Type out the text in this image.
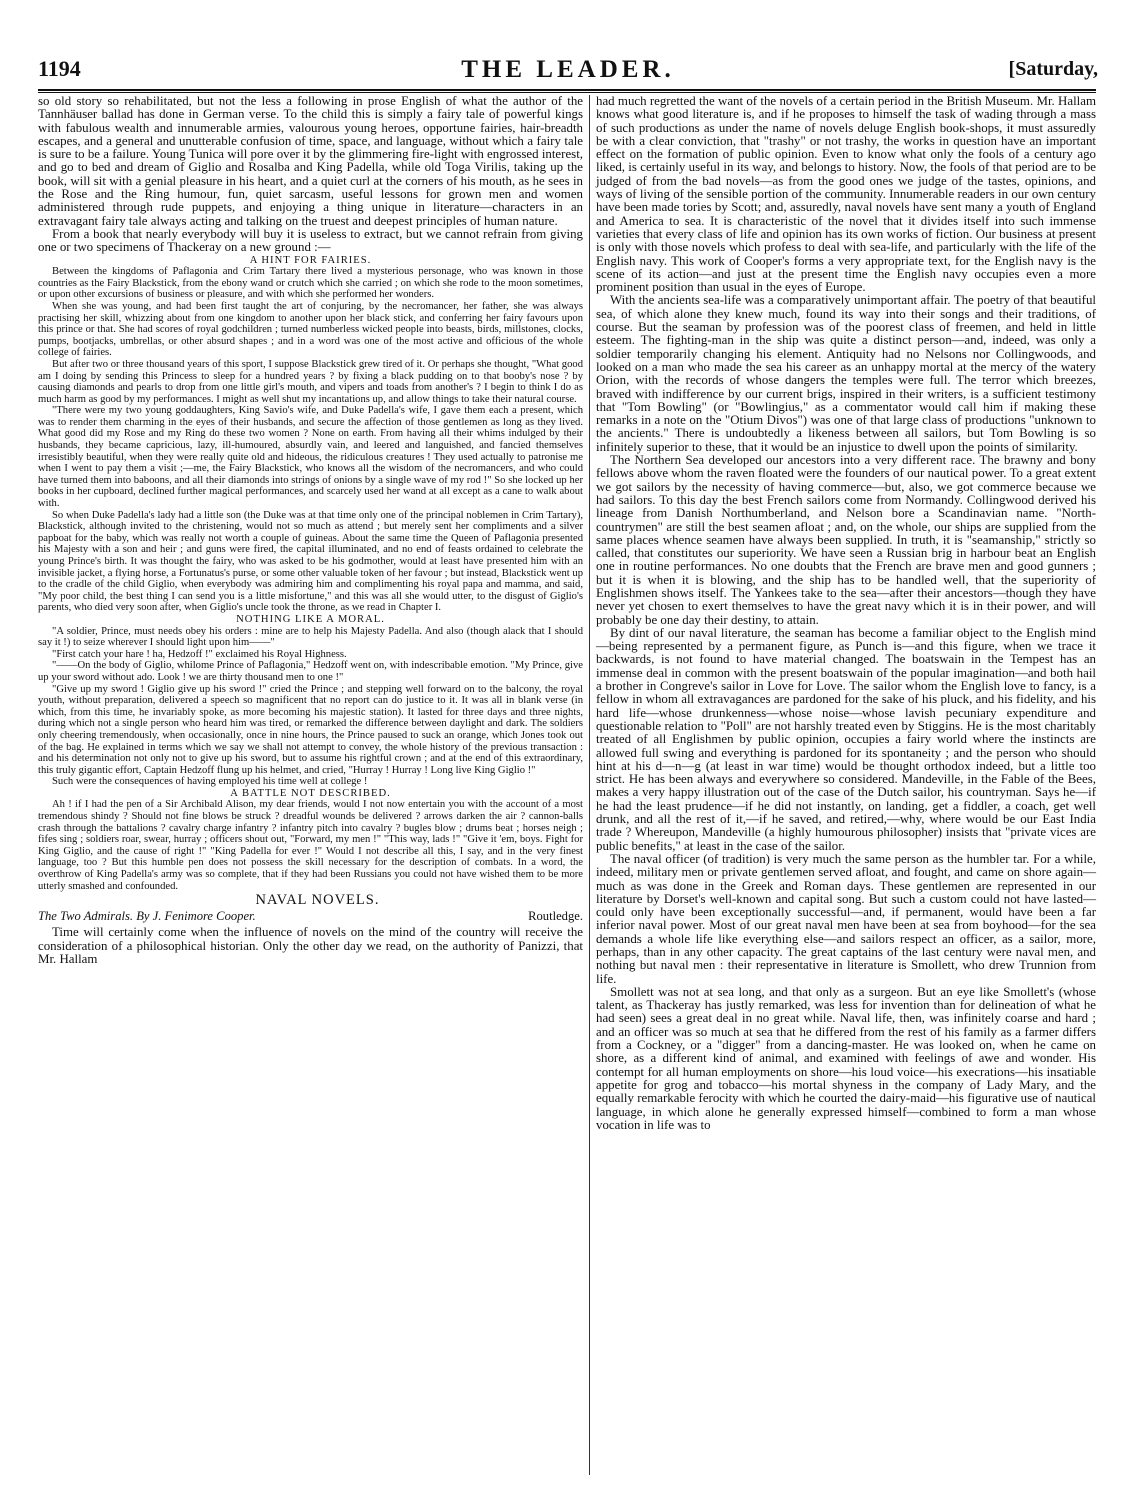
1194	THE LEADER.	[Saturday,

so old story so rehabilitated, but not the less a following in prose English of what the author of the Tannhäuser ballad has done in German verse. To the child this is simply a fairy tale of powerful kings with fabulous wealth and innumerable armies, valourous young heroes, opportune fairies, hair-breadth escapes, and a general and unutterable confusion of time, space, and language, without which a fairy tale is sure to be a failure. Young Tunica will pore over it by the glimmering fire-light with engrossed interest, and go to bed and dream of Giglio and Rosalba and King Padella, while old Toga Virilis, taking up the book, will sit with a genial pleasure in his heart, and a quiet curl at the corners of his mouth, as he sees in the Rose and the Ring humour, fun, quiet sarcasm, useful lessons for grown men and women administered through rude puppets, and enjoying a thing unique in literature—characters in an extravagant fairy tale always acting and talking on the truest and deepest principles of human nature.

From a book that nearly everybody will buy it is useless to extract, but we cannot refrain from giving one or two specimens of Thackeray on a new ground :—

A HINT FOR FAIRIES.

Between the kingdoms of Paflagonia and Crim Tartary there lived a mysterious personage, who was known in those countries as the Fairy Blackstick, from the ebony wand or crutch which she carried ; on which she rode to the moon sometimes, or upon other excursions of business or pleasure, and with which she performed her wonders.

When she was young, and had been first taught the art of conjuring, by the necromancer, her father, she was always practising her skill, whizzing about from one kingdom to another upon her black stick, and conferring her fairy favours upon this prince or that. She had scores of royal godchildren ; turned numberless wicked people into beasts, birds, millstones, clocks, pumps, bootjacks, umbrellas, or other absurd shapes ; and in a word was one of the most active and officious of the whole college of fairies.

But after two or three thousand years of this sport, I suppose Blackstick grew tired of it. Or perhaps she thought, "What good am I doing by sending this Princess to sleep for a hundred years ? by fixing a black pudding on to that booby's nose ? by causing diamonds and pearls to drop from one little girl's mouth, and vipers and toads from another's ? I begin to think I do as much harm as good by my performances. I might as well shut my incantations up, and allow things to take their natural course.

"There were my two young goddaughters, King Savio's wife, and Duke Padella's wife, I gave them each a present, which was to render them charming in the eyes of their husbands, and secure the affection of those gentlemen as long as they lived. What good did my Rose and my Ring do these two women ? None on earth. From having all their whims indulged by their husbands, they became capricious, lazy, ill-humoured, absurdly vain, and leered and languished, and fancied themselves irresistibly beautiful, when they were really quite old and hideous, the ridiculous creatures ! They used actually to patronise me when I went to pay them a visit ;—me, the Fairy Blackstick, who knows all the wisdom of the necromancers, and who could have turned them into baboons, and all their diamonds into strings of onions by a single wave of my rod !" So she locked up her books in her cupboard, declined further magical performances, and scarcely used her wand at all except as a cane to walk about with.

So when Duke Padella's lady had a little son (the Duke was at that time only one of the principal noblemen in Crim Tartary), Blackstick, although invited to the christening, would not so much as attend ; but merely sent her compliments and a silver papboat for the baby, which was really not worth a couple of guineas. About the same time the Queen of Paflagonia presented his Majesty with a son and heir ; and guns were fired, the capital illuminated, and no end of feasts ordained to celebrate the young Prince's birth. It was thought the fairy, who was asked to be his godmother, would at least have presented him with an invisible jacket, a flying horse, a Fortunatus's purse, or some other valuable token of her favour ; but instead, Blackstick went up to the cradle of the child Giglio, when everybody was admiring him and complimenting his royal papa and mamma, and said, "My poor child, the best thing I can send you is a little misfortune," and this was all she would utter, to the disgust of Giglio's parents, who died very soon after, when Giglio's uncle took the throne, as we read in Chapter I.

NOTHING LIKE A MORAL.

"A soldier, Prince, must needs obey his orders : mine are to help his Majesty Padella. And also (though alack that I should say it !) to seize wherever I should light upon him——"

"First catch your hare ! ha, Hedzoff !" exclaimed his Royal Highness.

"——On the body of Giglio, whilome Prince of Paflagonia," Hedzoff went on, with indescribable emotion. "My Prince, give up your sword without ado. Look ! we are thirty thousand men to one !"

"Give up my sword ! Giglio give up his sword !" cried the Prince ; and stepping well forward on to the balcony, the royal youth, without preparation, delivered a speech so magnificent that no report can do justice to it. It was all in blank verse (in which, from this time, he invariably spoke, as more becoming his majestic station). It lasted for three days and three nights, during which not a single person who heard him was tired, or remarked the difference between daylight and dark. The soldiers only cheering tremendously, when occasionally, once in nine hours, the Prince paused to suck an orange, which Jones took out of the bag. He explained in terms which we say we shall not attempt to convey, the whole history of the previous transaction : and his determination not only not to give up his sword, but to assume his rightful crown ; and at the end of this extraordinary, this truly gigantic effort, Captain Hedzoff flung up his helmet, and cried, "Hurray ! Hurray ! Long live King Giglio !"

Such were the consequences of having employed his time well at college !

A BATTLE NOT DESCRIBED.

Ah ! if I had the pen of a Sir Archibald Alison, my dear friends, would I not now entertain you with the account of a most tremendous shindy ? Should not fine blows be struck ? dreadful wounds be delivered ? arrows darken the air ? cannon-balls crash through the battalions ? cavalry charge infantry ? infantry pitch into cavalry ? bugles blow ; drums beat ; horses neigh ; fifes sing ; soldiers roar, swear, hurray ; officers shout out, "Forward, my men !" "This way, lads !" "Give it 'em, boys. Fight for King Giglio, and the cause of right !" "King Padella for ever !" Would I not describe all this, I say, and in the very finest language, too ? But this humble pen does not possess the skill necessary for the description of combats. In a word, the overthrow of King Padella's army was so complete, that if they had been Russians you could not have wished them to be more utterly smashed and confounded.

NAVAL NOVELS.

The Two Admirals. By J. Fenimore Cooper.	Routledge.

Time will certainly come when the influence of novels on the mind of the country will receive the consideration of a philosophical historian. Only the other day we read, on the authority of Panizzi, that Mr. Hallam

had much regretted the want of the novels of a certain period in the British Museum. Mr. Hallam knows what good literature is, and if he proposes to himself the task of wading through a mass of such productions as under the name of novels deluge English book-shops, it must assuredly be with a clear conviction, that "trashy" or not trashy, the works in question have an important effect on the formation of public opinion. Even to know what only the fools of a century ago liked, is certainly useful in its way, and belongs to history. Now, the fools of that period are to be judged of from the bad novels—as from the good ones we judge of the tastes, opinions, and ways of living of the sensible portion of the community. Innumerable readers in our own century have been made tories by Scott; and, assuredly, naval novels have sent many a youth of England and America to sea. It is characteristic of the novel that it divides itself into such immense varieties that every class of life and opinion has its own works of fiction. Our business at present is only with those novels which profess to deal with sea-life, and particularly with the life of the English navy. This work of Cooper's forms a very appropriate text, for the English navy is the scene of its action—and just at the present time the English navy occupies even a more prominent position than usual in the eyes of Europe.

With the ancients sea-life was a comparatively unimportant affair. The poetry of that beautiful sea, of which alone they knew much, found its way into their songs and their traditions, of course. But the seaman by profession was of the poorest class of freemen, and held in little esteem. The fighting-man in the ship was quite a distinct person—and, indeed, was only a soldier temporarily changing his element. Antiquity had no Nelsons nor Collingwoods, and looked on a man who made the sea his career as an unhappy mortal at the mercy of the watery Orion, with the records of whose dangers the temples were full. The terror which breezes, braved with indifference by our current brigs, inspired in their writers, is a sufficient testimony that "Tom Bowling" (or "Bowlingius," as a commentator would call him if making these remarks in a note on the "Otium Divos") was one of that large class of productions "unknown to the ancients." There is undoubtedly a likeness between all sailors, but Tom Bowling is so infinitely superior to these, that it would be an injustice to dwell upon the points of similarity.

The Northern Sea developed our ancestors into a very different race. The brawny and bony fellows above whom the raven floated were the founders of our nautical power. To a great extent we got sailors by the necessity of having commerce—but, also, we got commerce because we had sailors. To this day the best French sailors come from Normandy. Collingwood derived his lineage from Danish Northumberland, and Nelson bore a Scandinavian name. "North-countrymen" are still the best seamen afloat ; and, on the whole, our ships are supplied from the same places whence seamen have always been supplied. In truth, it is "seamanship," strictly so called, that constitutes our superiority. We have seen a Russian brig in harbour beat an English one in routine performances. No one doubts that the French are brave men and good gunners ; but it is when it is blowing, and the ship has to be handled well, that the superiority of Englishmen shows itself. The Yankees take to the sea—after their ancestors—though they have never yet chosen to exert themselves to have the great navy which it is in their power, and will probably be one day their destiny, to attain.

By dint of our naval literature, the seaman has become a familiar object to the English mind—being represented by a permanent figure, as Punch is—and this figure, when we trace it backwards, is not found to have material changed. The boatswain in the Tempest has an immense deal in common with the present boatswain of the popular imagination—and both hail a brother in Congreve's sailor in Love for Love. The sailor whom the English love to fancy, is a fellow in whom all extravagances are pardoned for the sake of his pluck, and his fidelity, and his hard life—whose drunkenness—whose noise—whose lavish pecuniary expenditure and questionable relation to "Poll" are not harshly treated even by Stiggins. He is the most charitably treated of all Englishmen by public opinion, occupies a fairy world where the instincts are allowed full swing and everything is pardoned for its spontaneity ; and the person who should hint at his d—n—g (at least in war time) would be thought orthodox indeed, but a little too strict. He has been always and everywhere so considered. Mandeville, in the Fable of the Bees, makes a very happy illustration out of the case of the Dutch sailor, his countryman. Says he—if he had the least prudence—if he did not instantly, on landing, get a fiddler, a coach, get well drunk, and all the rest of it,—if he saved, and retired,—why, where would be our East India trade ? Whereupon, Mandeville (a highly humourous philosopher) insists that "private vices are public benefits," at least in the case of the sailor.

The naval officer (of tradition) is very much the same person as the humbler tar. For a while, indeed, military men or private gentlemen served afloat, and fought, and came on shore again—much as was done in the Greek and Roman days. These gentlemen are represented in our literature by Dorset's well-known and capital song. But such a custom could not have lasted—could only have been exceptionally successful—and, if permanent, would have been a far inferior naval power. Most of our great naval men have been at sea from boyhood—for the sea demands a whole life like everything else—and sailors respect an officer, as a sailor, more, perhaps, than in any other capacity. The great captains of the last century were naval men, and nothing but naval men : their representative in literature is Smollett, who drew Trunnion from life.

Smollett was not at sea long, and that only as a surgeon. But an eye like Smollett's (whose talent, as Thackeray has justly remarked, was less for invention than for delineation of what he had seen) sees a great deal in no great while. Naval life, then, was infinitely coarse and hard ; and an officer was so much at sea that he differed from the rest of his family as a farmer differs from a Cockney, or a "digger" from a dancing-master. He was looked on, when he came on shore, as a different kind of animal, and examined with feelings of awe and wonder. His contempt for all human employments on shore—his loud voice—his execrations—his insatiable appetite for grog and tobacco—his mortal shyness in the company of Lady Mary, and the equally remarkable ferocity with which he courted the dairy-maid—his figurative use of nautical language, in which alone he generally expressed himself—combined to form a man whose vocation in life was to
